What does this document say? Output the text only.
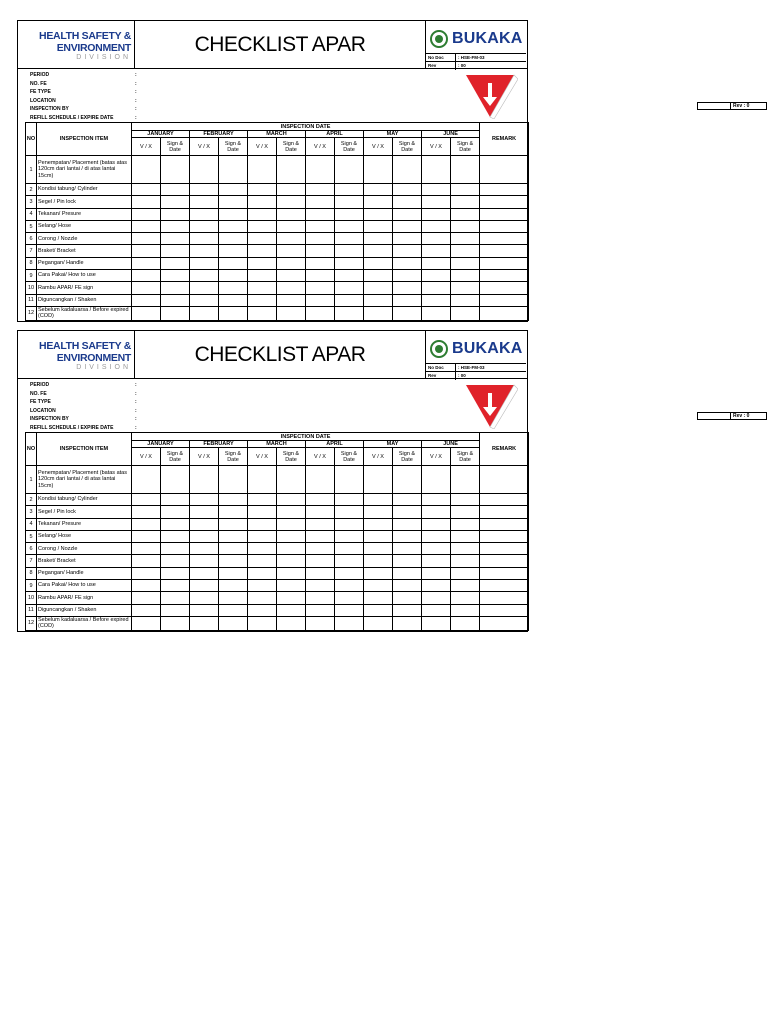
HEALTH SAFETY &
ENVIRONMENT
DIVISION
CHECKLIST APAR	BUKAKA
No Doc	: HSE-FM-03
Rev	: 00
PERIOD	:
NO. FE	:
FE TYPE	:
LOCATION	:
INSPECTION BY	:
REFILL SCHEDULE / EXPIRE DATE	:
NO	INSPECTION ITEM	INSPECTION DATE												REMARK
		JANUARY		FEBRUARY		MARCH		APRIL		MAY		JUNE		
		V / X	Sign & Date	V / X	Sign & Date	V / X	Sign & Date	V / X	Sign & Date	V / X	Sign & Date	V / X	Sign & Date	
1	Penempatan/ Placement (batas atas 120cm dari lantai / di atas lantai 15cm)													
2	Kondisi tabung/ Cylinder													
3	Segel / Pin lock													
4	Tekanan/ Presure													
5	Selang/ Hose													
6	Corong / Nozzle													
7	Braket/ Bracket													
8	Pegangan/ Handle													
9	Cara Pakai/ How to use													
10	Rambu APAR/ FE sign													
11	Diguncangkan / Shaken													
12	Sebelum kadaluarsa / Before expired (COD)													
Rev : 0
HEALTH SAFETY &
ENVIRONMENT
DIVISION
CHECKLIST APAR	BUKAKA
No Doc	: HSE-FM-03
Rev	: 00
PERIOD	:
NO. FE	:
FE TYPE	:
LOCATION	:
INSPECTION BY	:
REFILL SCHEDULE / EXPIRE DATE	:
NO	INSPECTION ITEM	INSPECTION DATE												REMARK
		JANUARY		FEBRUARY		MARCH		APRIL		MAY		JUNE		
		V / X	Sign & Date	V / X	Sign & Date	V / X	Sign & Date	V / X	Sign & Date	V / X	Sign & Date	V / X	Sign & Date	
1	Penempatan/ Placement (batas atas 120cm dari lantai / di atas lantai 15cm)													
2	Kondisi tabung/ Cylinder													
3	Segel / Pin lock													
4	Tekanan/ Presure													
5	Selang/ Hose													
6	Corong / Nozzle													
7	Braket/ Bracket													
8	Pegangan/ Handle													
9	Cara Pakai/ How to use													
10	Rambu APAR/ FE sign													
11	Diguncangkan / Shaken													
12	Sebelum kadaluarsa / Before expired (COD)													
Rev : 0
